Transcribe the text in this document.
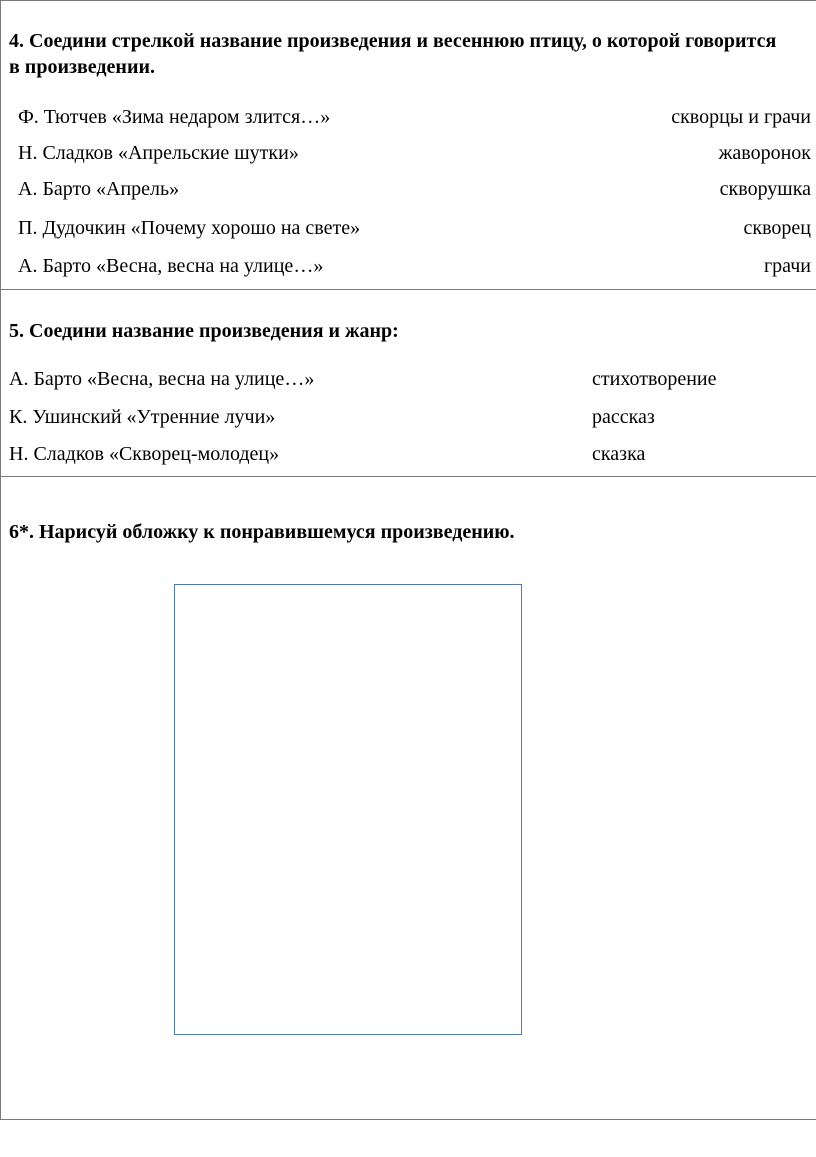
4. Соедини стрелкой название произведения и весеннюю птицу, о которой говорится в произведении.

Ф. Тютчев «Зима недаром злится…»
Н. Сладков «Апрельские шутки»
А. Барто «Апрель»
П. Дудочкин «Почему хорошо на свете»
А. Барто «Весна, весна на улице…»
скворцы и грачи
жаворонок
скворушка
скворец
грачи

5. Соедини название произведения и жанр:

А. Барто «Весна, весна на улице…»
К. Ушинский «Утренние лучи»
Н. Сладков «Скворец-молодец»
стихотворение
рассказ
сказка

6*. Нарисуй обложку к понравившемуся произведению.
